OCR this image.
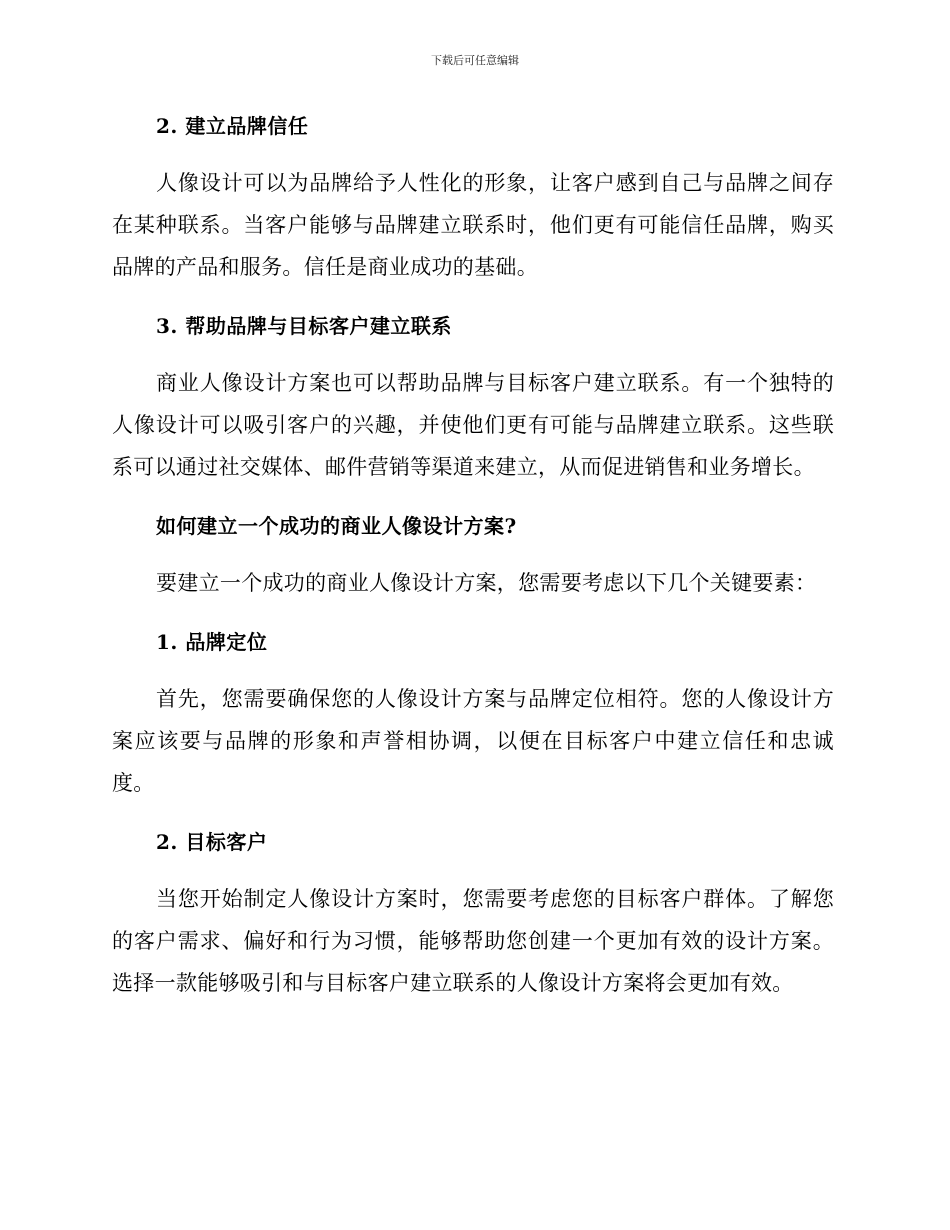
下载后可任意编辑
2. 建立品牌信任

人像设计可以为品牌给予人性化的形象，让客户感到自己与品牌之间存在某种联系。当客户能够与品牌建立联系时，他们更有可能信任品牌，购买品牌的产品和服务。信任是商业成功的基础。

3. 帮助品牌与目标客户建立联系

商业人像设计方案也可以帮助品牌与目标客户建立联系。有一个独特的人像设计可以吸引客户的兴趣，并使他们更有可能与品牌建立联系。这些联系可以通过社交媒体、邮件营销等渠道来建立，从而促进销售和业务增长。

如何建立一个成功的商业人像设计方案?

要建立一个成功的商业人像设计方案，您需要考虑以下几个关键要素：

1. 品牌定位

首先，您需要确保您的人像设计方案与品牌定位相符。您的人像设计方案应该要与品牌的形象和声誉相协调，以便在目标客户中建立信任和忠诚度。

2. 目标客户

当您开始制定人像设计方案时，您需要考虑您的目标客户群体。了解您的客户需求、偏好和行为习惯，能够帮助您创建一个更加有效的设计方案。选择一款能够吸引和与目标客户建立联系的人像设计方案将会更加有效。
